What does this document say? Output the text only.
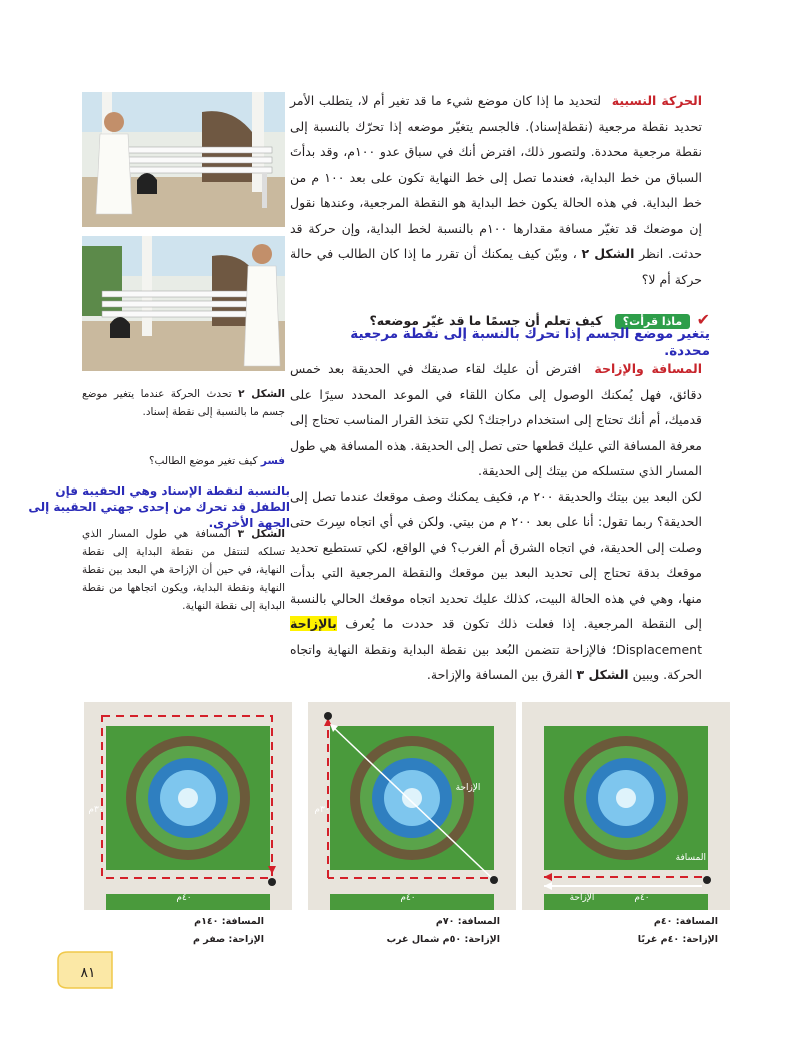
الحركة النسبية لتحديد ما إذا كان موضع شيء ما قد تغير أم لا، يتطلب الأمر تحديد نقطة مرجعية (نقطةإسناد). فالجسم يتغيّر موضعه إذا تحرّك بالنسبة إلى نقطة مرجعية محددة. ولتصور ذلك، افترض أنك في سباق عدو ١٠٠م، وقد بدأتَ السباق من خط البداية، فعندما تصل إلى خط النهاية تكون على بعد ١٠٠ م من خط البداية. في هذه الحالة يكون خط البداية هو النقطة المرجعية، وعندها نقول إن موضعك قد تغيّر مسافة مقدارها ١٠٠م بالنسبة لخط البداية، وإن حركة قد حدثت. انظر الشكل ٢ ، وبيّن كيف يمكنك أن تقرر ما إذا كان الطالب في حالة حركة أم لا؟

✔ ماذا قرأت؟ كيف تعلم أن جسمًا ما قد غيّر موضعه؟
يتغير موضع الجسم إذا تحرك بالنسبة إلى نقطة مرجعية محددة.

المسافة والإزاحة افترض أن عليك لقاء صديقك في الحديقة بعد خمس دقائق، فهل يُمكنك الوصول إلى مكان اللقاء في الموعد المحدد سيرًا على قدميك، أم أنك تحتاج إلى استخدام دراجتك؟ لكي تتخذ القرار المناسب تحتاج إلى معرفة المسافة التي عليك قطعها حتى تصل إلى الحديقة. هذه المسافة هي طول المسار الذي ستسلكه من بيتك إلى الحديقة.

لكن البعد بين بيتك والحديقة ٢٠٠ م، فكيف يمكنك وصف موقعك عندما تصل إلى الحديقة؟ ربما تقول: أنا على بعد ٢٠٠ م من بيتي. ولكن في أي اتجاه سِرتَ حتى وصلت إلى الحديقة، في اتجاه الشرق أم الغرب؟ في الواقع، لكي تستطيع تحديد موقعك بدقة تحتاج إلى تحديد البعد بين موقعك والنقطة المرجعية التي بدأت منها، وهي في هذه الحالة البيت، كذلك عليك تحديد اتجاه موقعك الحالي بالنسبة إلى النقطة المرجعية. إذا فعلت ذلك تكون قد حددت ما يُعرف بالإزاحة Displacement؛ فالإزاحة تتضمن البُعد بين نقطة البداية ونقطة النهاية واتجاه الحركة. ويبين الشكل ٣ الفرق بين المسافة والإزاحة.

الشكل ٢ تحدث الحركة عندما يتغير موضع جسم ما بالنسبة إلى نقطة إسناد.
فسر كيف تغير موضع الطالب؟
بالنسبة لنقطة الإسناد وهي الحقيبة فإن الطفل قد تحرك من إحدى جهتي الحقيبة إلى الجهة الأخرى.
الشكل ٣ المسافة هي طول المسار الذي تسلكه لتنتقل من نقطة البداية إلى نقطة النهاية، في حين أن الإزاحة هي البعد بين نقطة النهاية ونقطة البداية، ويكون اتجاهها من نقطة البداية إلى نقطة النهاية.
المسافة
الإزاحة	٤٠م
المسافة: ٤٠م
الإزاحة: ٤٠م غربًا
الإزاحة
٣٠م
٤٠م
المسافة: ٧٠م
الإزاحة: ٥٠م شمال غرب
٣٠م
٤٠م
المسافة: ١٤٠م
الإزاحة: صفر م
٨١
